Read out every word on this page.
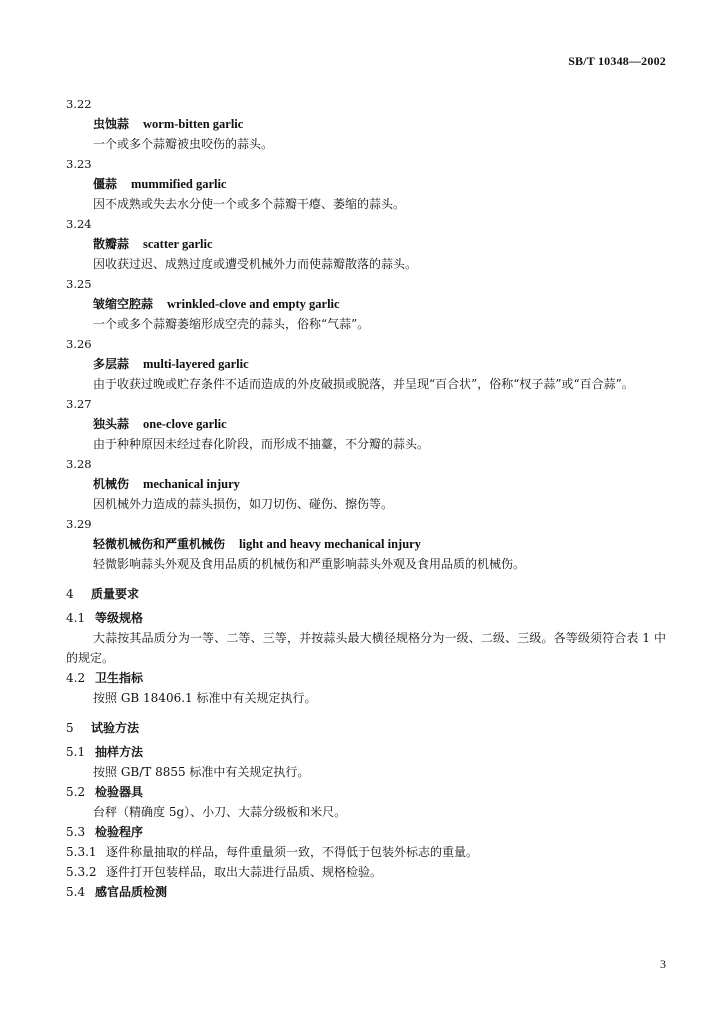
SB/T 10348—2002
3.22
虫蚀蒜 worm-bitten garlic
一个或多个蒜瓣被虫咬伤的蒜头。
3.23
僵蒜 mummified garlic
因不成熟或失去水分使一个或多个蒜瓣干瘪、萎缩的蒜头。
3.24
散瓣蒜 scatter garlic
因收获过迟、成熟过度或遭受机械外力而使蒜瓣散落的蒜头。
3.25
皱缩空腔蒜 wrinkled-clove and empty garlic
一个或多个蒜瓣萎缩形成空壳的蒜头，俗称“气蒜”。
3.26
多层蒜 multi-layered garlic
由于收获过晚或贮存条件不适而造成的外皮破损或脱落，并呈现“百合状”，俗称“杈子蒜”或“百合蒜”。
3.27
独头蒜 one-clove garlic
由于种种原因未经过春化阶段，而形成不抽薹，不分瓣的蒜头。
3.28
机械伤 mechanical injury
因机械外力造成的蒜头损伤，如刀切伤、碰伤、擦伤等。
3.29
轻微机械伤和严重机械伤 light and heavy mechanical injury
轻微影响蒜头外观及食用品质的机械伤和严重影响蒜头外观及食用品质的机械伤。
4 质量要求
4.1 等级规格
大蒜按其品质分为一等、二等、三等，并按蒜头最大横径规格分为一级、二级、三级。各等级须符合表 1 中的规定。
4.2 卫生指标
按照 GB 18406.1 标准中有关规定执行。
5 试验方法
5.1 抽样方法
按照 GB/T 8855 标准中有关规定执行。
5.2 检验器具
台秤（精确度 5g）、小刀、大蒜分级板和米尺。
5.3 检验程序
5.3.1 逐件称量抽取的样品，每件重量须一致，不得低于包装外标志的重量。
5.3.2 逐件打开包装样品，取出大蒜进行品质、规格检验。
5.4 感官品质检测
3
